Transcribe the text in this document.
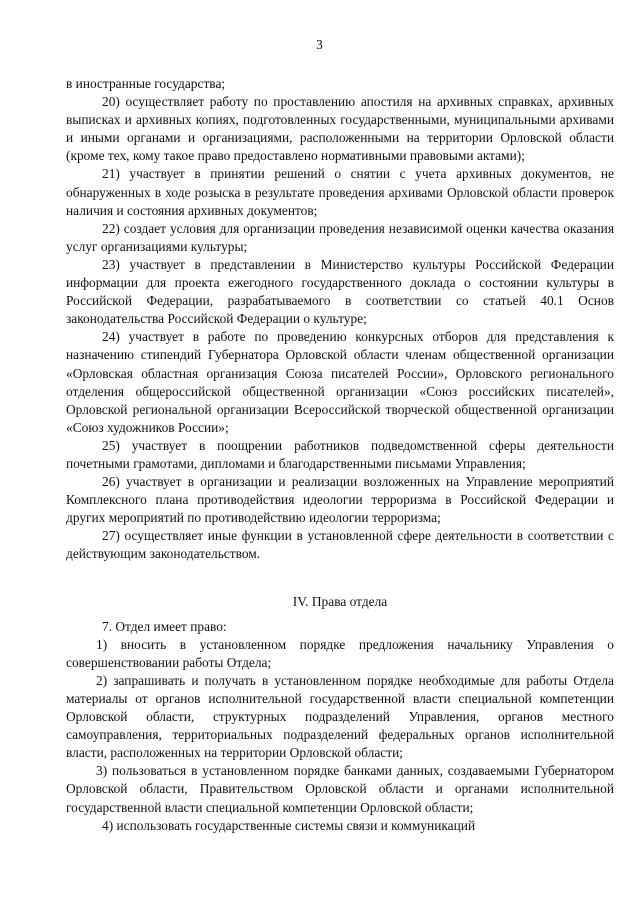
3

в иностранные государства;

20) осуществляет работу по проставлению апостиля на архивных справках, архивных выписках и архивных копиях, подготовленных государственными, муниципальными архивами и иными органами и организациями, расположенными на территории Орловской области (кроме тех, кому такое право предоставлено нормативными правовыми актами);

21) участвует в принятии решений о снятии с учета архивных документов, не обнаруженных в ходе розыска в результате проведения архивами Орловской области проверок наличия и состояния архивных документов;

22) создает условия для организации проведения независимой оценки качества оказания услуг организациями культуры;

23) участвует в представлении в Министерство культуры Российской Федерации информации для проекта ежегодного государственного доклада о состоянии культуры в Российской Федерации, разрабатываемого в соответствии со статьей 40.1 Основ законодательства Российской Федерации о культуре;

24) участвует в работе по проведению конкурсных отборов для представления к назначению стипендий Губернатора Орловской области членам общественной организации «Орловская областная организация Союза писателей России», Орловского регионального отделения общероссийской общественной организации «Союз российских писателей», Орловской региональной организации Всероссийской творческой общественной организации «Союз художников России»;

25) участвует в поощрении работников подведомственной сферы деятельности почетными грамотами, дипломами и благодарственными письмами Управления;

26) участвует в организации и реализации возложенных на Управление мероприятий Комплексного плана противодействия идеологии терроризма в Российской Федерации и других мероприятий по противодействию идеологии терроризма;

27) осуществляет иные функции в установленной сфере деятельности в соответствии с действующим законодательством.

IV. Права отдела

7. Отдел имеет право:

1) вносить в установленном порядке предложения начальнику Управления о совершенствовании работы Отдела;

2) запрашивать и получать в установленном порядке необходимые для работы Отдела материалы от органов исполнительной государственной власти специальной компетенции Орловской области, структурных подразделений Управления, органов местного самоуправления, территориальных подразделений федеральных органов исполнительной власти, расположенных на территории Орловской области;

3) пользоваться в установленном порядке банками данных, создаваемыми Губернатором Орловской области, Правительством Орловской области и органами исполнительной государственной власти специальной компетенции Орловской области;

4) использовать государственные системы связи и коммуникаций
